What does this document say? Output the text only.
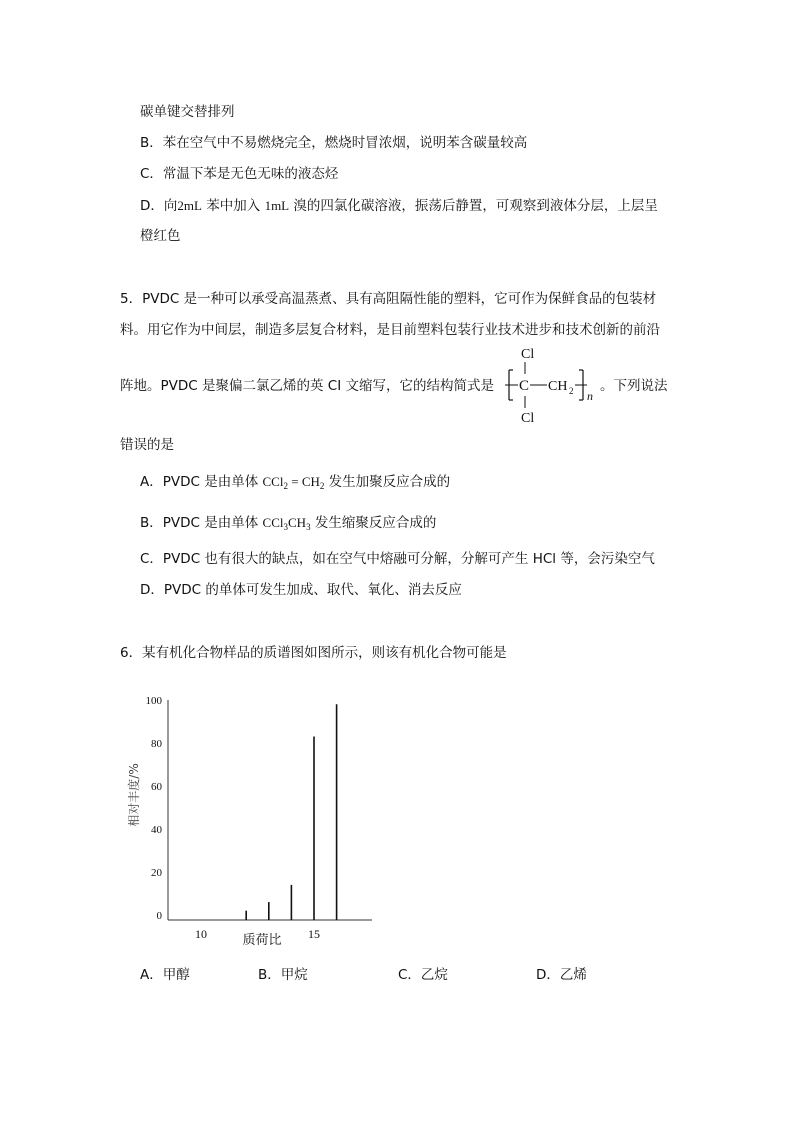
碳单键交替排列
B．苯在空气中不易燃烧完全，燃烧时冒浓烟，说明苯含碳量较高
C．常温下苯是无色无味的液态烃
D．向2mL 苯中加入 1mL 溴的四氯化碳溶液，振荡后静置，可观察到液体分层，上层呈
橙红色
5．PVDC 是一种可以承受高温蒸煮、具有高阻隔性能的塑料，它可作为保鲜食品的包装材
料。用它作为中间层，制造多层复合材料，是目前塑料包装行业技术进步和技术创新的前沿
阵地。PVDC 是聚偏二氯乙烯的英 CI 文缩写，它的结构简式是
Cl
C CH 2 n
Cl
。下列说法
错误的是
A．PVDC 是由单体 $CCl_2 = CH_2$ 发生加聚反应合成的
B．PVDC 是由单体 $CCl_3CH_3$ 发生缩聚反应合成的
C．PVDC 也有很大的缺点，如在空气中熔融可分解，分解可产生 HCl 等，会污染空气
D．PVDC 的单体可发生加成、取代、氧化、消去反应
6．某有机化合物样品的质谱图如图所示，则该有机化合物可能是
0
20
40
60
80
100
10	15
质荷比
相对丰度/%
A．甲醇	B．甲烷	C．乙烷	D．乙烯
